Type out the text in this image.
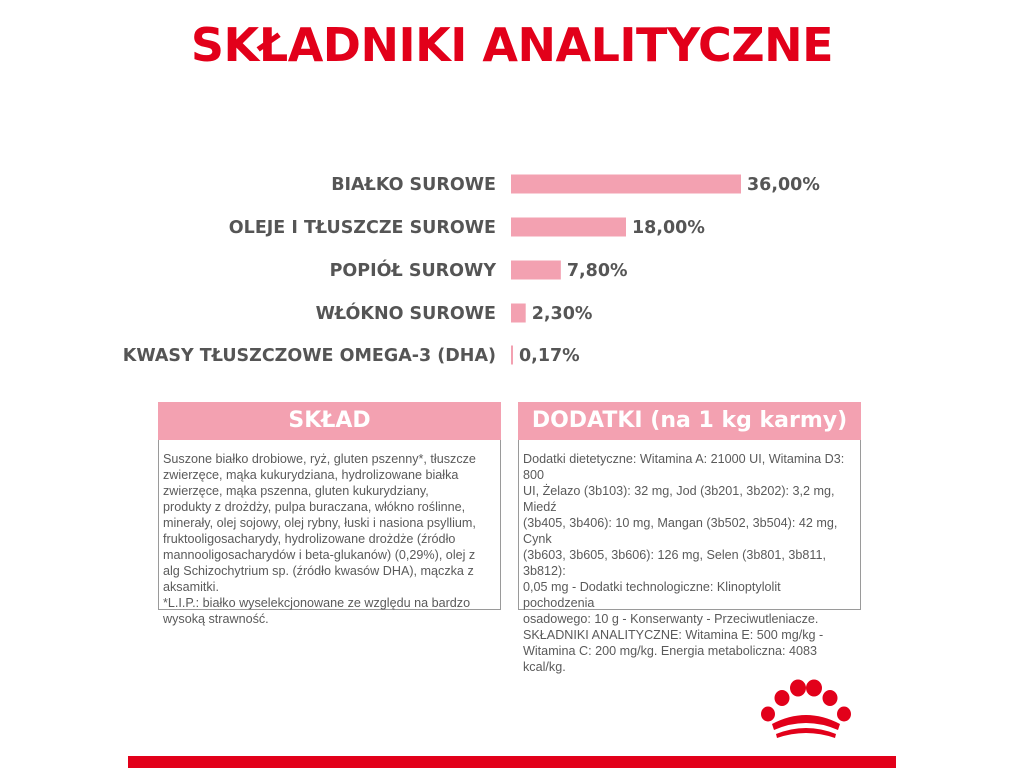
SKŁADNIKI ANALITYCZNE
BIAŁKO SUROWE	36,00%
OLEJE I TŁUSZCZE SUROWE	18,00%
POPIÓŁ SUROWY	7,80%
WŁÓKNO SUROWE 2,30%
KWASY TŁUSZCZOWE OMEGA-3 (DHA) 0,17%
SKŁAD

Suszone białko drobiowe, ryż, gluten pszenny*, tłuszcze

zwierzęce, mąka kukurydziana, hydrolizowane białka

zwierzęce, mąka pszenna, gluten kukurydziany,

produkty z drożdży, pulpa buraczana, włókno roślinne,

minerały, olej sojowy, olej rybny, łuski i nasiona psyllium,

fruktooligosacharydy, hydrolizowane drożdże (źródło

mannooligosacharydów i beta-glukanów) (0,29%), olej z

alg Schizochytrium sp. (źródło kwasów DHA), mączka z

aksamitki.

*L.I.P.: białko wyselekcjonowane ze względu na bardzo

wysoką strawność.

DODATKI (na 1 kg karmy)

Dodatki dietetyczne: Witamina A: 21000 UI, Witamina D3: 800

UI, Żelazo (3b103): 32 mg, Jod (3b201, 3b202): 3,2 mg, Miedź

(3b405, 3b406): 10 mg, Mangan (3b502, 3b504): 42 mg, Cynk

(3b603, 3b605, 3b606): 126 mg, Selen (3b801, 3b811, 3b812):

0,05 mg - Dodatki technologiczne: Klinoptylolit pochodzenia

osadowego: 10 g - Konserwanty - Przeciwutleniacze.

SKŁADNIKI ANALITYCZNE: Witamina E: 500 mg/kg -

Witamina C: 200 mg/kg. Energia metaboliczna: 4083 kcal/kg.
